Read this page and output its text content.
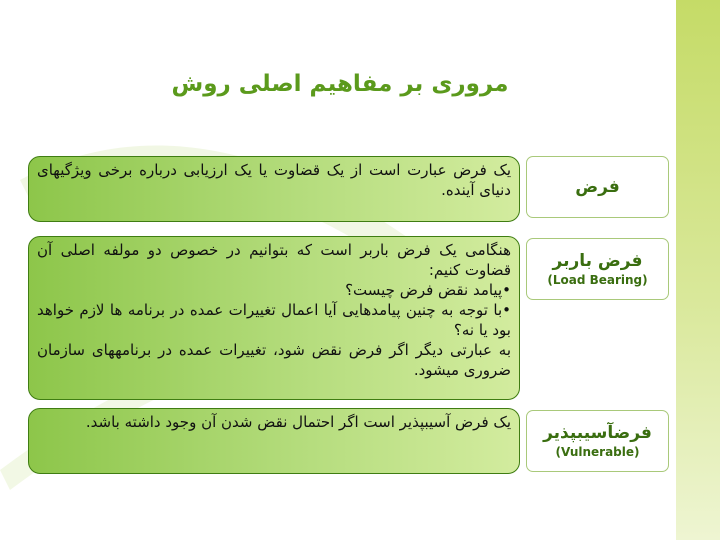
مروری بر مفاهیم اصلی روش
فرض

یک فرض عبارت است از یک قضاوت یا یک ارزیابی درباره برخی ویژگیهای دنیای آینده.

فرض باربر
(Load Bearing)

هنگامی یک فرض باربر است که بتوانیم در خصوص دو مولفه اصلی آن قضاوت کنیم:

•پیامد نقض فرض چیست؟

•با توجه به چنین پیامدهایی آیا اعمال تغییرات عمده در برنامه ها لازم خواهد بود یا نه؟

به عبارتی دیگر اگر فرض نقض شود، تغییرات عمده در برنامههای سازمان ضروری میشود.

فرضآسیبپذیر
(Vulnerable)

یک فرض آسیبپذیر است اگر احتمال نقض شدن آن وجود داشته باشد.
